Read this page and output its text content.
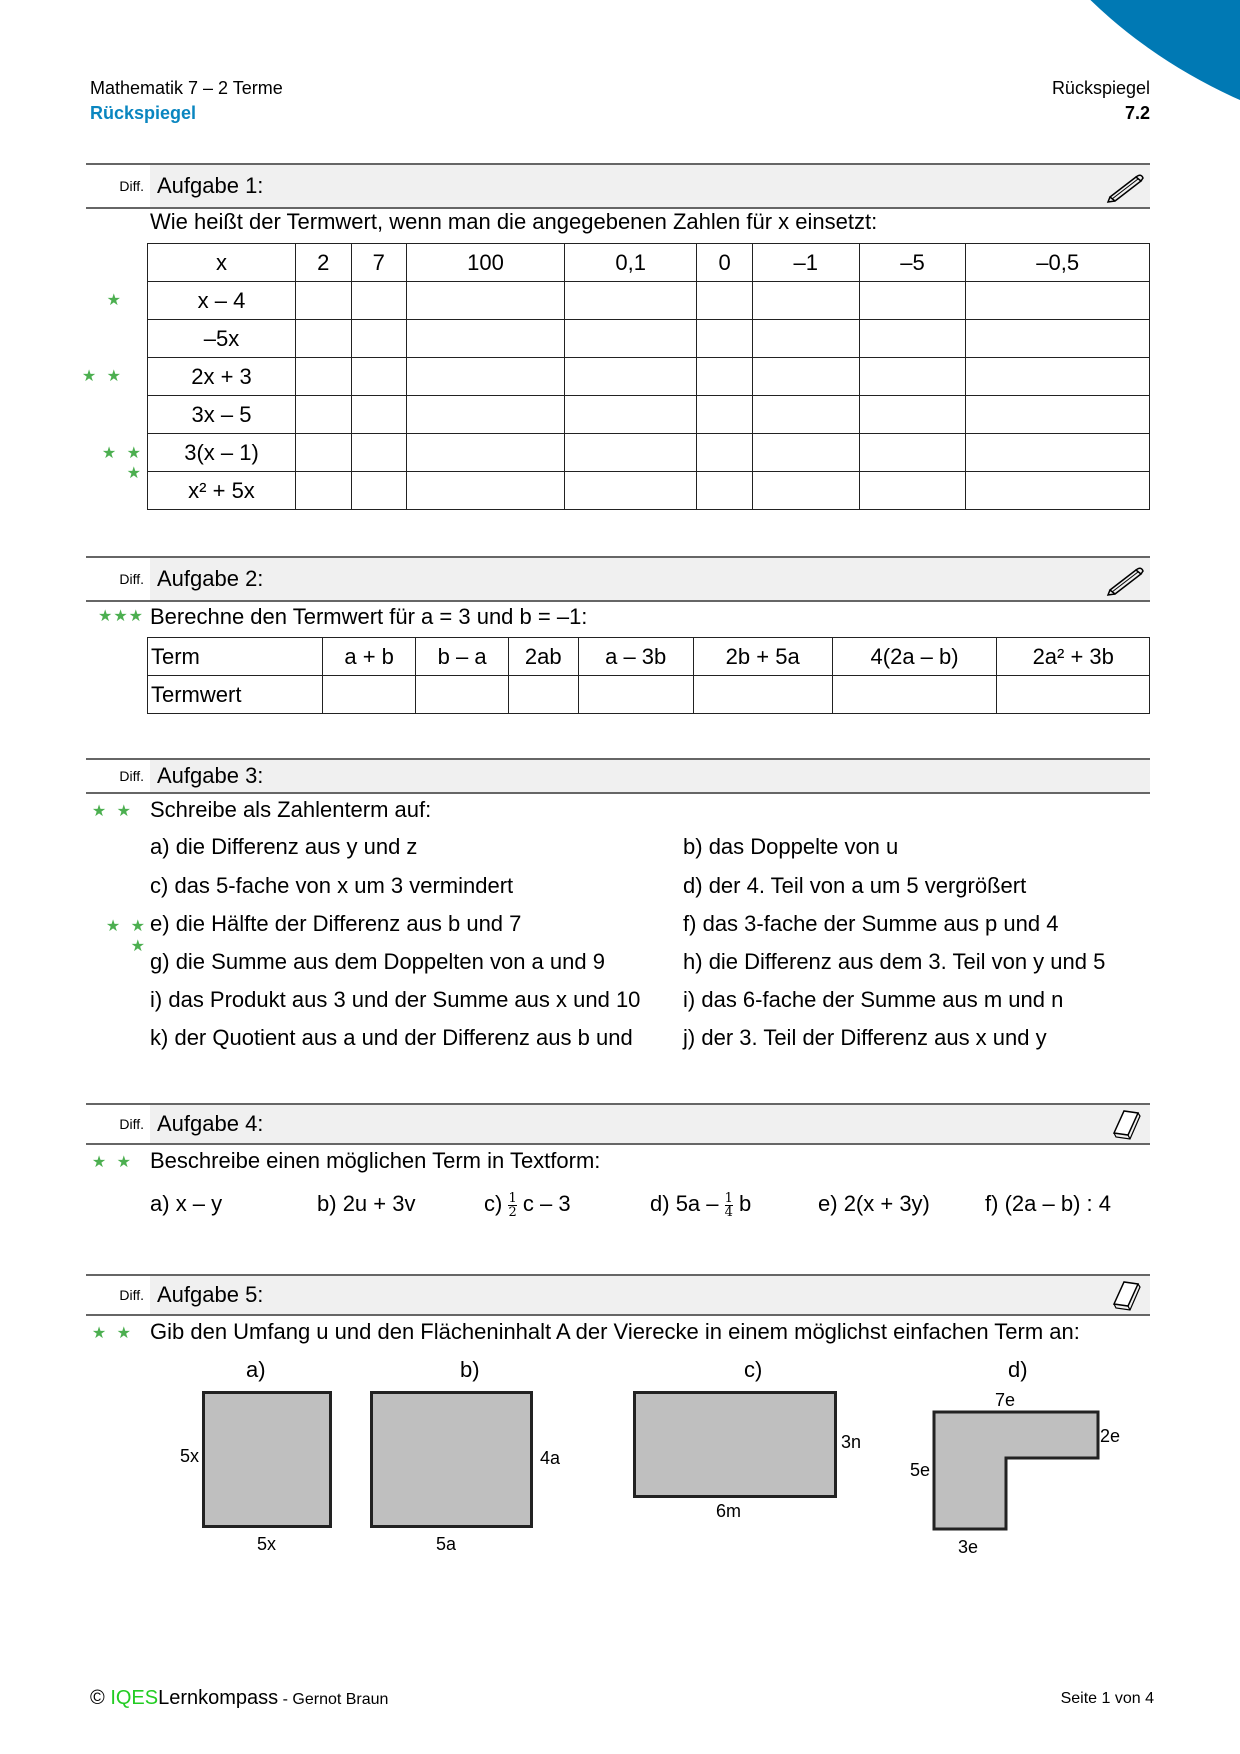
Mathematik 7 – 2 Terme
Rückspiegel
Rückspiegel
7.2
Diff. Aufgabe 1:
Wie heißt der Termwert, wenn man die angegebenen Zahlen für x einsetzt:
★
★ ★
★ ★ ★
x	2	7	100	0,1	0	–1	–5	–0,5
x – 4								
–5x								
2x + 3								
3x – 5								
3(x – 1)								
x² + 5x								
Diff. Aufgabe 2:
★★★ Berechne den Termwert für a = 3 und b = –1:
Term	a + b	b – a	2ab	a – 3b	2b + 5a	4(2a – b)	2a² + 3b
Termwert							
Diff. Aufgabe 3:
★ ★ Schreibe als Zahlenterm auf:
★ ★ ★
a) die Differenz aus y und z	b) das Doppelte von u
c) das 5-fache von x um 3 vermindert	d) der 4. Teil von a um 5 vergrößert
e) die Hälfte der Differenz aus b und 7	f) das 3-fache der Summe aus p und 4
g) die Summe aus dem Doppelten von a und 9	h) die Differenz aus dem 3. Teil von y und 5
i) das Produkt aus 3 und der Summe aus x und 10 i) das 6-fache der Summe aus m und n
k) der Quotient aus a und der Differenz aus b und j) der 3. Teil der Differenz aus x und y
Diff. Aufgabe 4:
★ ★ Beschreibe einen möglichen Term in Textform:
a) x – y	b) 2u + 3v	$c) \frac{1}{2}$ c – 3	d) $5a - \frac{1}{4}$ b	e) 2(x + 3y)	f) (2a – b) : 4
Diff. Aufgabe 5:
★ ★ Gib den Umfang u und den Flächeninhalt A der Vierecke in einem möglichst einfachen Term an:
a)
5x
5x
b)
4a
5a
c)
3n
6m
d)
7e
2e
5e
3e
© IQESLernkompass - Gernot Braun	Seite 1 von 4
